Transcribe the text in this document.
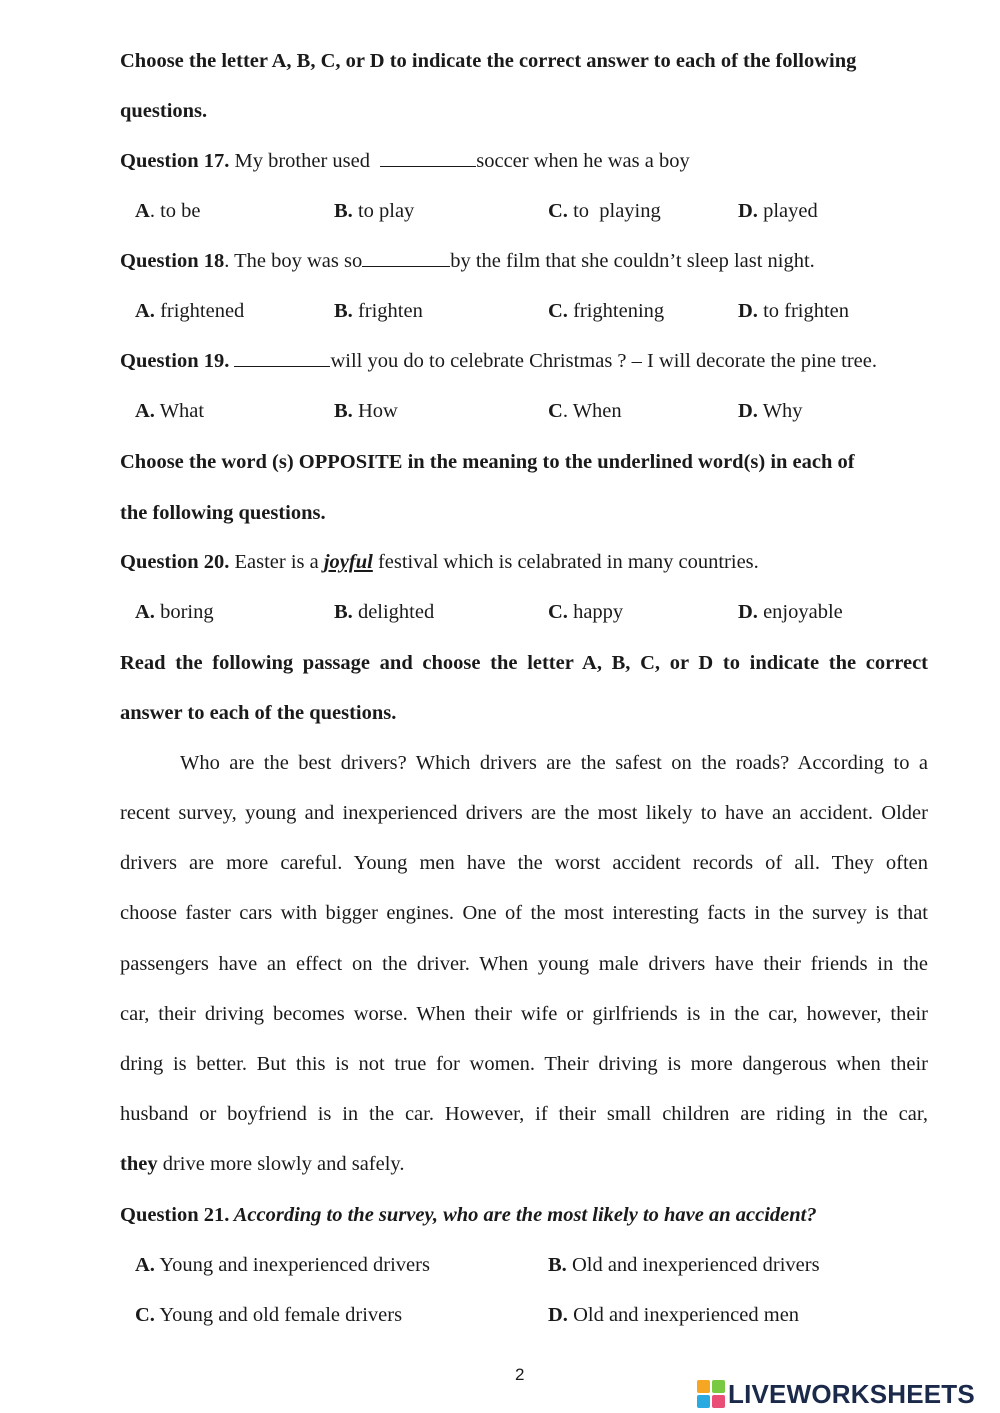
Choose the letter A, B, C, or D to indicate the correct answer to each of the following
questions.
Question 17. My brother used	soccer when he was a boy
A. to be	B. to play	C. to  playing	D. played
Question 18. The boy was so	by the film that she couldn’t sleep last night.
A. frightened	B. frighten	C. frightening	D. to frighten
Question 19.	will you do to celebrate Christmas ? – I will decorate the pine tree.
A. What	B. How	C. When	D. Why
Choose the word (s) OPPOSITE in the meaning to the underlined word(s) in each of
the following questions.
Question 20. Easter is a joyful festival which is celabrated in many countries.
A. boring	B. delighted	C. happy	D. enjoyable
Read the following passage and choose the letter A, B, C, or D to indicate the correct
answer to each of the questions.
Who are the best drivers? Which drivers are the safest on the roads? According to a
recent survey, young and inexperienced drivers are the most likely to have an accident. Older
drivers are more careful. Young men have the worst accident records of all. They often
choose faster cars with bigger engines. One of the most interesting facts in the survey is that
passengers have an effect on the driver. When young male drivers have their friends in the
car, their driving becomes worse. When their wife or girlfriends is in the car, however, their
dring is better. But this is not true for women. Their driving is more dangerous when their
husband or boyfriend is in the car. However, if their small children are riding in the car,
they drive more slowly and safely.
Question 21. According to the survey, who are the most likely to have an accident?
A. Young and inexperienced drivers	B. Old and inexperienced drivers
C. Young and old female drivers	D. Old and inexperienced men
2
LIVEWORKSHEETS
